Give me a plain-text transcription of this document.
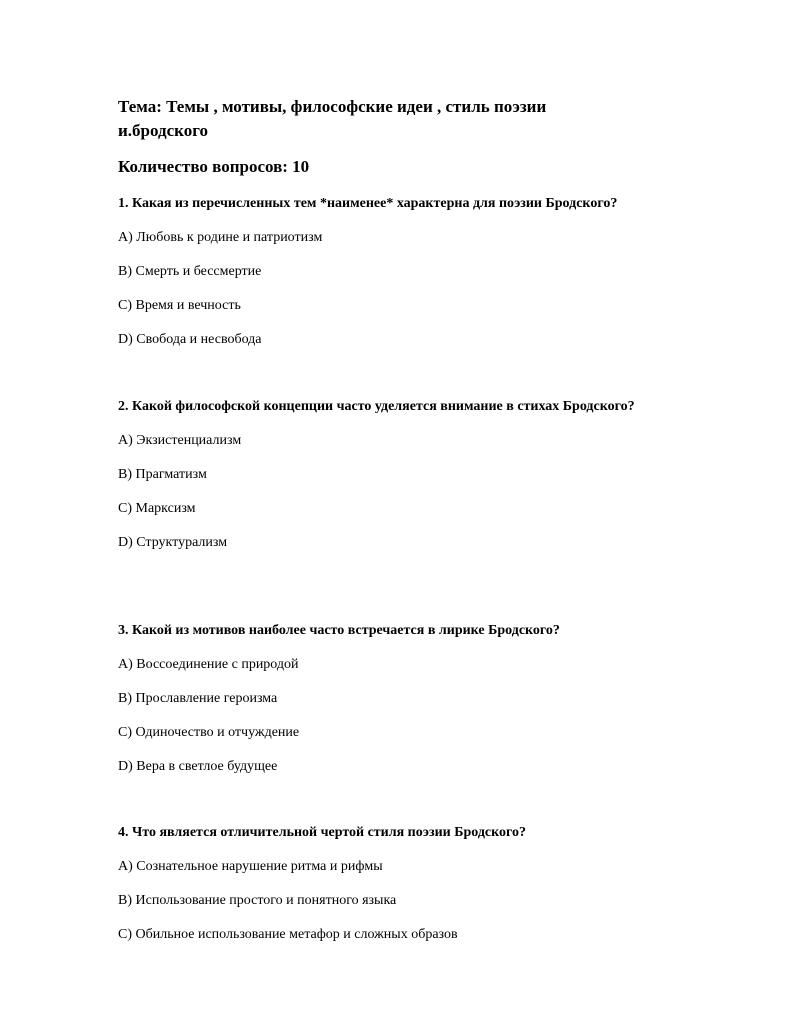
Тема: Темы , мотивы, философские идеи , стиль поэзии и.бродского
Количество вопросов: 10

1. Какая из перечисленных тем *наименее* характерна для поэзии Бродского?

A) Любовь к родине и патриотизм
B) Смерть и бессмертие
C) Время и вечность
D) Свобода и несвобода

2. Какой философской концепции часто уделяется внимание в стихах Бродского?

A) Экзистенциализм
B) Прагматизм
C) Марксизм
D) Структурализм

3. Какой из мотивов наиболее часто встречается в лирике Бродского?

A) Воссоединение с природой
B) Прославление героизма
C) Одиночество и отчуждение
D) Вера в светлое будущее

4. Что является отличительной чертой стиля поэзии Бродского?

A) Сознательное нарушение ритма и рифмы
B) Использование простого и понятного языка
C) Обильное использование метафор и сложных образов
